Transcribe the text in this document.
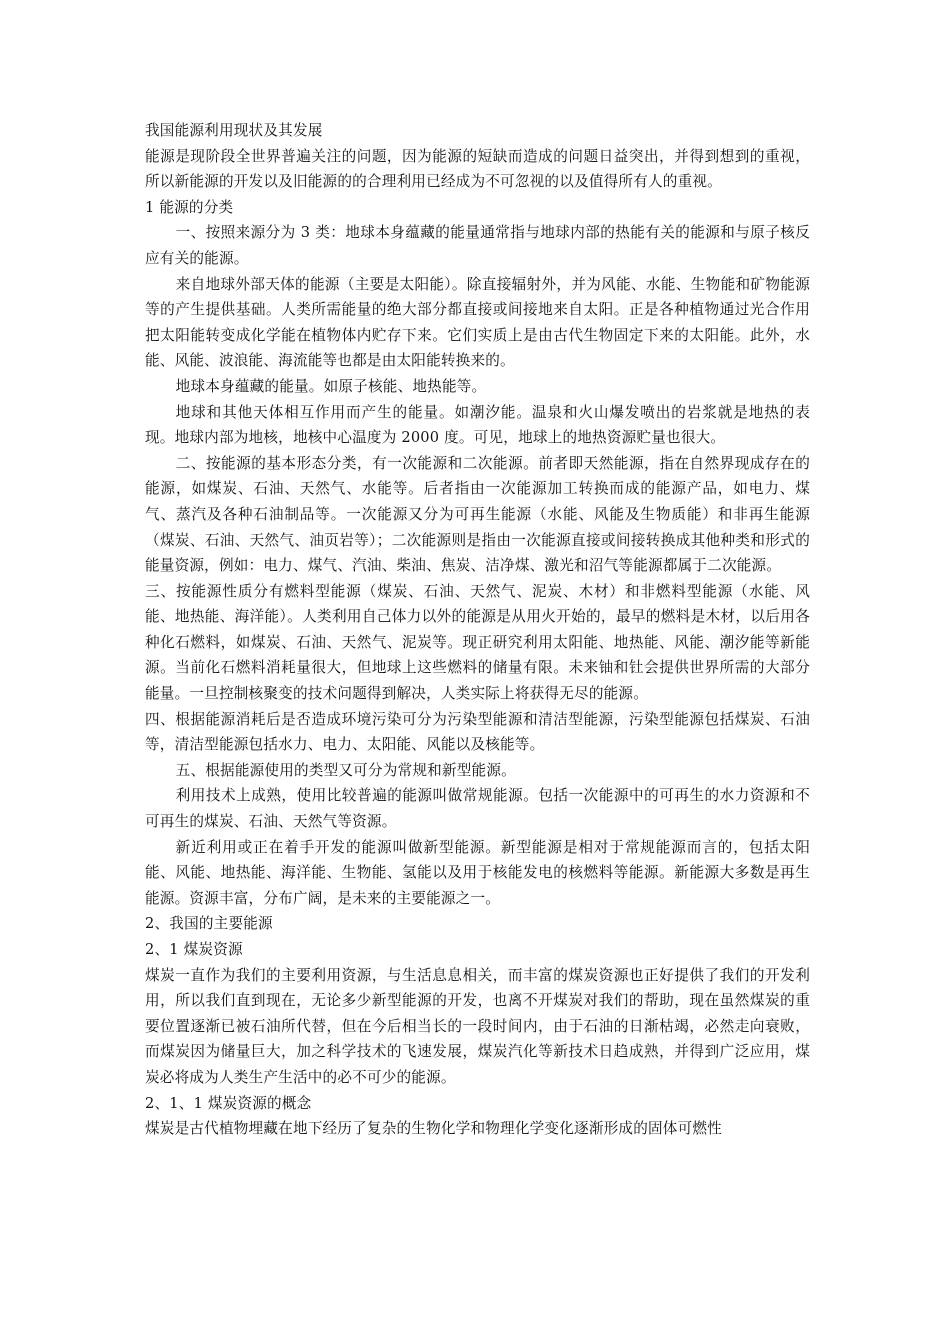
我国能源利用现状及其发展

能源是现阶段全世界普遍关注的问题，因为能源的短缺而造成的问题日益突出，并得到想到的重视，所以新能源的开发以及旧能源的的合理利用已经成为不可忽视的以及值得所有人的重视。

1 能源的分类

一、按照来源分为 3 类：地球本身蕴藏的能量通常指与地球内部的热能有关的能源和与原子核反应有关的能源。

来自地球外部天体的能源（主要是太阳能）。除直接辐射外，并为风能、水能、生物能和矿物能源等的产生提供基础。人类所需能量的绝大部分都直接或间接地来自太阳。正是各种植物通过光合作用把太阳能转变成化学能在植物体内贮存下来。它们实质上是由古代生物固定下来的太阳能。此外，水能、风能、波浪能、海流能等也都是由太阳能转换来的。

地球本身蕴藏的能量。如原子核能、地热能等。

地球和其他天体相互作用而产生的能量。如潮汐能。温泉和火山爆发喷出的岩浆就是地热的表现。地球内部为地核，地核中心温度为 2000 度。可见，地球上的地热资源贮量也很大。

二、按能源的基本形态分类，有一次能源和二次能源。前者即天然能源，指在自然界现成存在的能源，如煤炭、石油、天然气、水能等。后者指由一次能源加工转换而成的能源产品，如电力、煤气、蒸汽及各种石油制品等。一次能源又分为可再生能源（水能、风能及生物质能）和非再生能源（煤炭、石油、天然气、油页岩等）；二次能源则是指由一次能源直接或间接转换成其他种类和形式的能量资源，例如：电力、煤气、汽油、柴油、焦炭、洁净煤、激光和沼气等能源都属于二次能源。

三、按能源性质分有燃料型能源（煤炭、石油、天然气、泥炭、木材）和非燃料型能源（水能、风能、地热能、海洋能）。人类利用自己体力以外的能源是从用火开始的，最早的燃料是木材，以后用各种化石燃料，如煤炭、石油、天然气、泥炭等。现正研究利用太阳能、地热能、风能、潮汐能等新能源。当前化石燃料消耗量很大，但地球上这些燃料的储量有限。未来铀和钍会提供世界所需的大部分能量。一旦控制核聚变的技术问题得到解决，人类实际上将获得无尽的能源。

四、根据能源消耗后是否造成环境污染可分为污染型能源和清洁型能源，污染型能源包括煤炭、石油等，清洁型能源包括水力、电力、太阳能、风能以及核能等。

五、根据能源使用的类型又可分为常规和新型能源。

利用技术上成熟，使用比较普遍的能源叫做常规能源。包括一次能源中的可再生的水力资源和不可再生的煤炭、石油、天然气等资源。

新近利用或正在着手开发的能源叫做新型能源。新型能源是相对于常规能源而言的，包括太阳能、风能、地热能、海洋能、生物能、氢能以及用于核能发电的核燃料等能源。新能源大多数是再生能源。资源丰富，分布广阔，是未来的主要能源之一。

2、我国的主要能源

2、1 煤炭资源

煤炭一直作为我们的主要利用资源，与生活息息相关，而丰富的煤炭资源也正好提供了我们的开发利用，所以我们直到现在，无论多少新型能源的开发，也离不开煤炭对我们的帮助，现在虽然煤炭的重要位置逐渐已被石油所代替，但在今后相当长的一段时间内，由于石油的日渐枯竭，必然走向衰败，而煤炭因为储量巨大，加之科学技术的飞速发展，煤炭汽化等新技术日趋成熟，并得到广泛应用，煤炭必将成为人类生产生活中的必不可少的能源。

2、1、1 煤炭资源的概念

煤炭是古代植物埋藏在地下经历了复杂的生物化学和物理化学变化逐渐形成的固体可燃性
